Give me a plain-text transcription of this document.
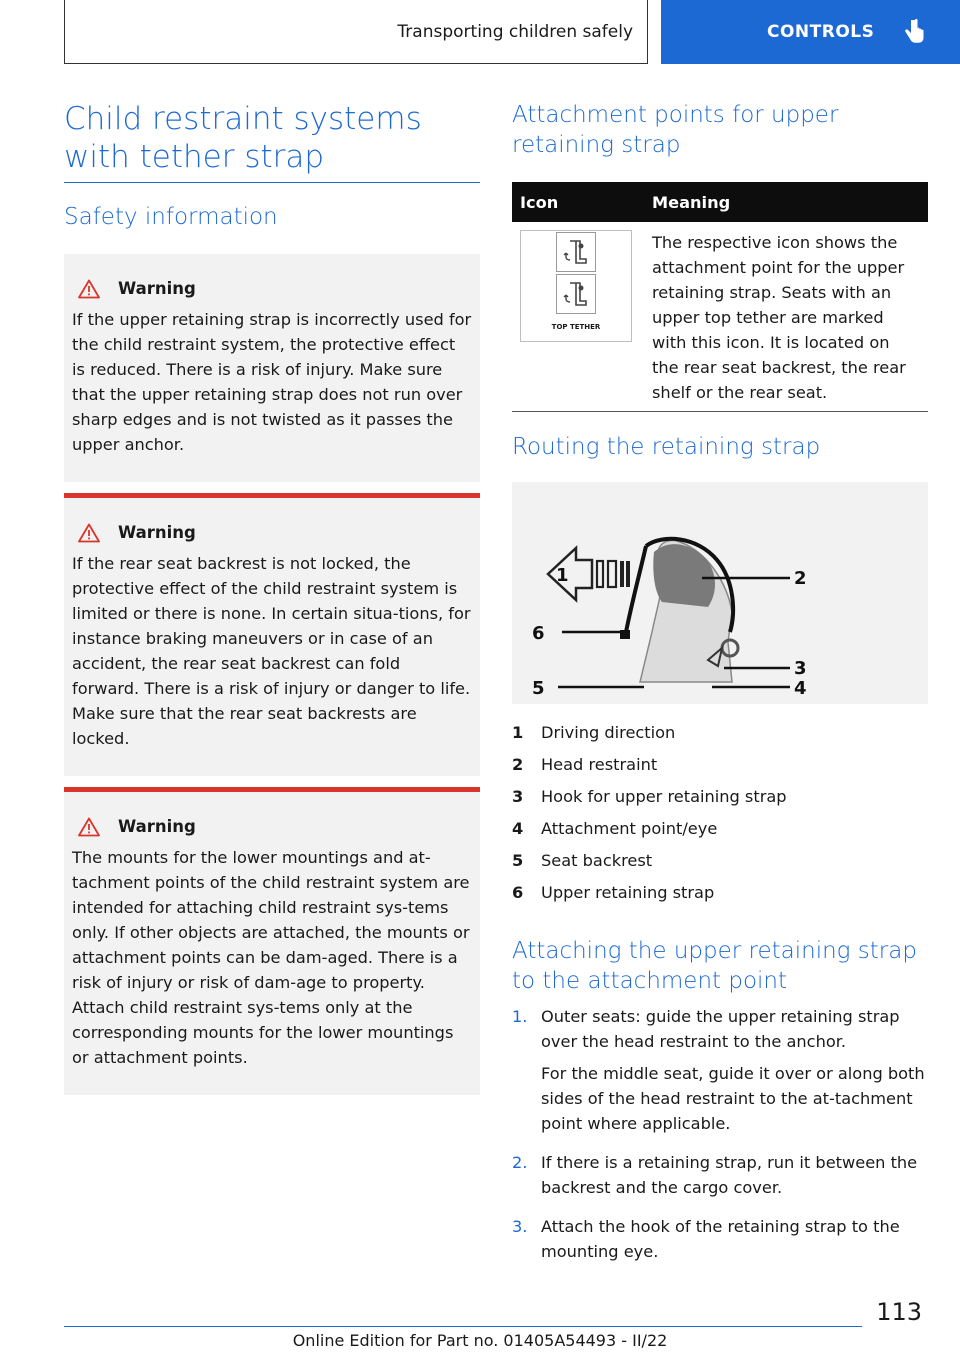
Transporting children safely	CONTROLS
Child restraint systems with tether strap
Safety information
Warning

If the upper retaining strap is incorrectly used for the child restraint system, the protective effect is reduced. There is a risk of injury. Make sure that the upper retaining strap does not run over sharp edges and is not twisted as it passes the upper anchor.

Warning

If the rear seat backrest is not locked, the protective effect of the child restraint system is limited or there is none. In certain situa-tions, for instance braking maneuvers or in case of an accident, the rear seat backrest can fold forward. There is a risk of injury or danger to life. Make sure that the rear seat backrests are locked.

Warning

The mounts for the lower mountings and at-tachment points of the child restraint system are intended for attaching child restraint sys-tems only. If other objects are attached, the mounts or attachment points can be dam-aged. There is a risk of injury or risk of dam-age to property. Attach child restraint sys-tems only at the corresponding mounts for the lower mountings or attachment points.

Attachment points for upper retaining strap
Icon	Meaning

TOP TETHER	The respective icon shows the attachment point for the upper retaining strap. Seats with an upper top tether are marked with this icon. It is located on the rear seat backrest, the rear shelf or the rear seat.
Routing the retaining strap
1	2
3
4
5
6
1	Driving direction
2	Head restraint
3	Hook for upper retaining strap
4	Attachment point/eye
5	Seat backrest
6	Upper retaining strap
Attaching the upper retaining strap to the attachment point
1. Outer seats: guide the upper retaining strap over the head restraint to the anchor.

For the middle seat, guide it over or along both sides of the head restraint to the at-tachment point where applicable.

2. If there is a retaining strap, run it between the backrest and the cargo cover.

3. Attach the hook of the retaining strap to the mounting eye.

113
Online Edition for Part no. 01405A54493 - II/22
